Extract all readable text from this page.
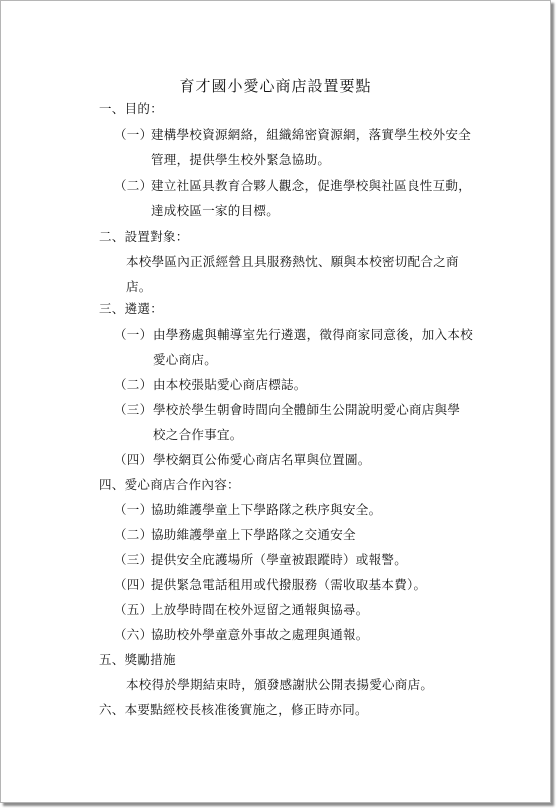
育才國小愛心商店設置要點
一、目的：
（一）
建構學校資源網絡，組織綿密資源網，落實學生校外安全
管理，提供學生校外緊急協助。
（二）
建立社區具教育合夥人觀念，促進學校與社區良性互動，
達成校區一家的目標。
二、設置對象：
本校學區內正派經營且具服務熱忱、願與本校密切配合之商
店。
三、遴選：
（一） 由學務處與輔導室先行遴選，徵得商家同意後，加入本校
愛心商店。
（二） 由本校張貼愛心商店標誌。
（三） 學校於學生朝會時間向全體師生公開說明愛心商店與學
校之合作事宜。
（四） 學校網頁公佈愛心商店名單與位置圖。
四、愛心商店合作內容：
（一）
協助維護學童上下學路隊之秩序與安全。
（二）
協助維護學童上下學路隊之交通安全
（三）
提供安全庇護場所（學童被跟蹤時）或報警。
（四）
提供緊急電話租用或代撥服務（需收取基本費）。
（五）
上放學時間在校外逗留之通報與協尋。
（六）
協助校外學童意外事故之處理與通報。
五、獎勵措施
本校得於學期結束時，頒發感謝狀公開表揚愛心商店。
六、本要點經校長核准後實施之，修正時亦同。
